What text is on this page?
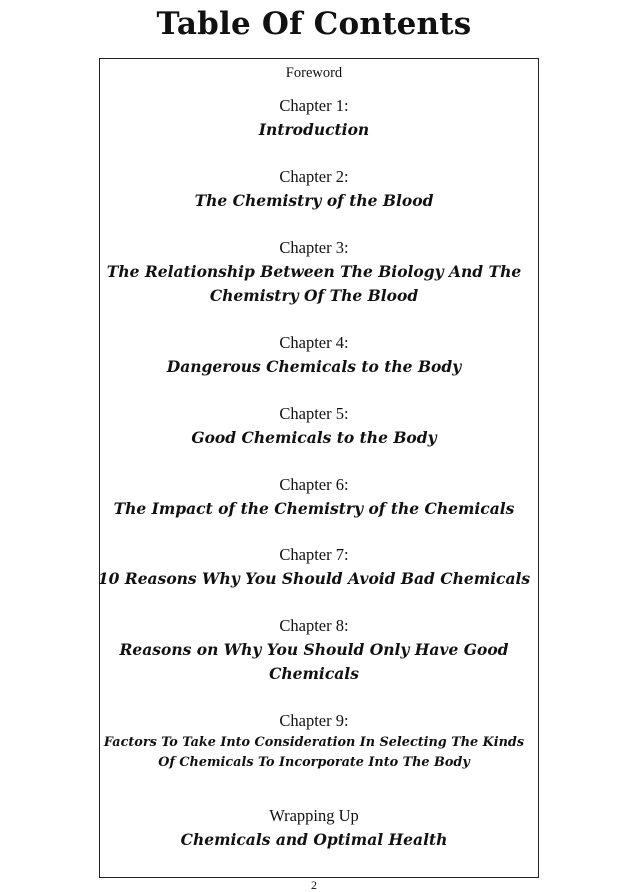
Table Of Contents
Foreword
Chapter 1:
Introduction
Chapter 2:
The Chemistry of the Blood
Chapter 3:
The Relationship Between The Biology And The Chemistry Of The Blood
Chapter 4:
Dangerous Chemicals to the Body
Chapter 5:
Good Chemicals to the Body
Chapter 6:
The Impact of the Chemistry of the Chemicals
Chapter 7:
10 Reasons Why You Should Avoid Bad Chemicals
Chapter 8:
Reasons on Why You Should Only Have Good Chemicals
Chapter 9:
Factors To Take Into Consideration In Selecting The Kinds Of Chemicals To Incorporate Into The Body
Wrapping Up
Chemicals and Optimal Health
2
